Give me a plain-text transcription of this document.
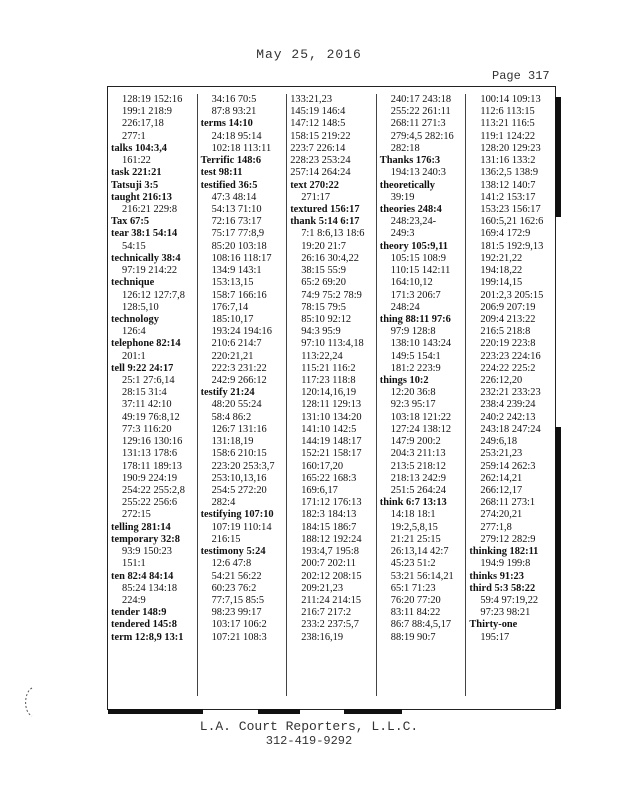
May 25, 2016
Page 317
128:19 152:16
199:1 218:9
226:17,18
277:1
talks 104:3,4
161:22
task 221:21
Tatsuji 3:5
taught 216:13
216:21 229:8
Tax 67:5
tear 38:1 54:14
54:15
technically 38:4
97:19 214:22
technique
126:12 127:7,8
128:5,10
technology
126:4
telephone 82:14
201:1
tell 9:22 24:17
25:1 27:6,14
28:15 31:4
37:11 42:10
49:19 76:8,12
77:3 116:20
129:16 130:16
131:13 178:6
178:11 189:13
190:9 224:19
254:22 255:2,8
255:22 256:6
272:15
telling 281:14
temporary 32:8
93:9 150:23
151:1
ten 82:4 84:14
85:24 134:18
224:9
tender 148:9
tendered 145:8
term 12:8,9 13:1
34:16 70:5
87:8 93:21
terms 14:10
24:18 95:14
102:18 113:11
Terrific 148:6
test 98:11
testified 36:5
47:3 48:14
54:13 71:10
72:16 73:17
75:17 77:8,9
85:20 103:18
108:16 118:17
134:9 143:1
153:13,15
158:7 166:16
176:7,14
185:10,17
193:24 194:16
210:6 214:7
220:21,21
222:3 231:22
242:9 266:12
testify 21:24
48:20 55:24
58:4 86:2
126:7 131:16
131:18,19
158:6 210:15
223:20 253:3,7
253:10,13,16
254:5 272:20
282:4
testifying 107:10
107:19 110:14
216:15
testimony 5:24
12:6 47:8
54:21 56:22
60:23 76:2
77:7,15 85:5
98:23 99:17
103:17 106:2
107:21 108:3
133:21,23
145:19 146:4
147:12 148:5
158:15 219:22
223:7 226:14
228:23 253:24
257:14 264:24
text 270:22
271:17
textured 156:17
thank 5:14 6:17
7:1 8:6,13 18:6
19:20 21:7
26:16 30:4,22
38:15 55:9
65:2 69:20
74:9 75:2 78:9
78:15 79:5
85:10 92:12
94:3 95:9
97:10 113:4,18
113:22,24
115:21 116:2
117:23 118:8
120:14,16,19
128:11 129:13
131:10 134:20
141:10 142:5
144:19 148:17
152:21 158:17
160:17,20
165:22 168:3
169:6,17
171:12 176:13
182:3 184:13
184:15 186:7
188:12 192:24
193:4,7 195:8
200:7 202:11
202:12 208:15
209:21,23
211:24 214:15
216:7 217:2
233:2 237:5,7
238:16,19
240:17 243:18
255:22 261:11
268:11 271:3
279:4,5 282:16
282:18
Thanks 176:3
194:13 240:3
theoretically
39:19
theories 248:4
248:23,24-
249:3
theory 105:9,11
105:15 108:9
110:15 142:11
164:10,12
171:3 206:7
248:24
thing 88:11 97:6
97:9 128:8
138:10 143:24
149:5 154:1
181:2 223:9
things 10:2
12:20 36:8
92:3 95:17
103:18 121:22
127:24 138:12
147:9 200:2
204:3 211:13
213:5 218:12
218:13 242:9
251:5 264:24
think 6:7 13:13
14:18 18:1
19:2,5,8,15
21:21 25:15
26:13,14 42:7
45:23 51:2
53:21 56:14,21
65:1 71:23
76:20 77:20
83:11 84:22
86:7 88:4,5,17
88:19 90:7
100:14 109:13
112:6 113:15
113:21 116:5
119:1 124:22
128:20 129:23
131:16 133:2
136:2,5 138:9
138:12 140:7
141:2 153:17
153:23 156:17
160:5,21 162:6
169:4 172:9
181:5 192:9,13
192:21,22
194:18,22
199:14,15
201:2,3 205:15
206:9 207:19
209:4 213:22
216:5 218:8
220:19 223:8
223:23 224:16
224:22 225:2
226:12,20
232:21 233:23
238:4 239:24
240:2 242:13
243:18 247:24
249:6,18
253:21,23
259:14 262:3
262:14,21
266:12,17
268:11 273:1
274:20,21
277:1,8
279:12 282:9
thinking 182:11
194:9 199:8
thinks 91:23
third 5:3 58:22
59:4 97:19,22
97:23 98:21
Thirty-one
195:17
L.A. Court Reporters, L.L.C.
312-419-9292
